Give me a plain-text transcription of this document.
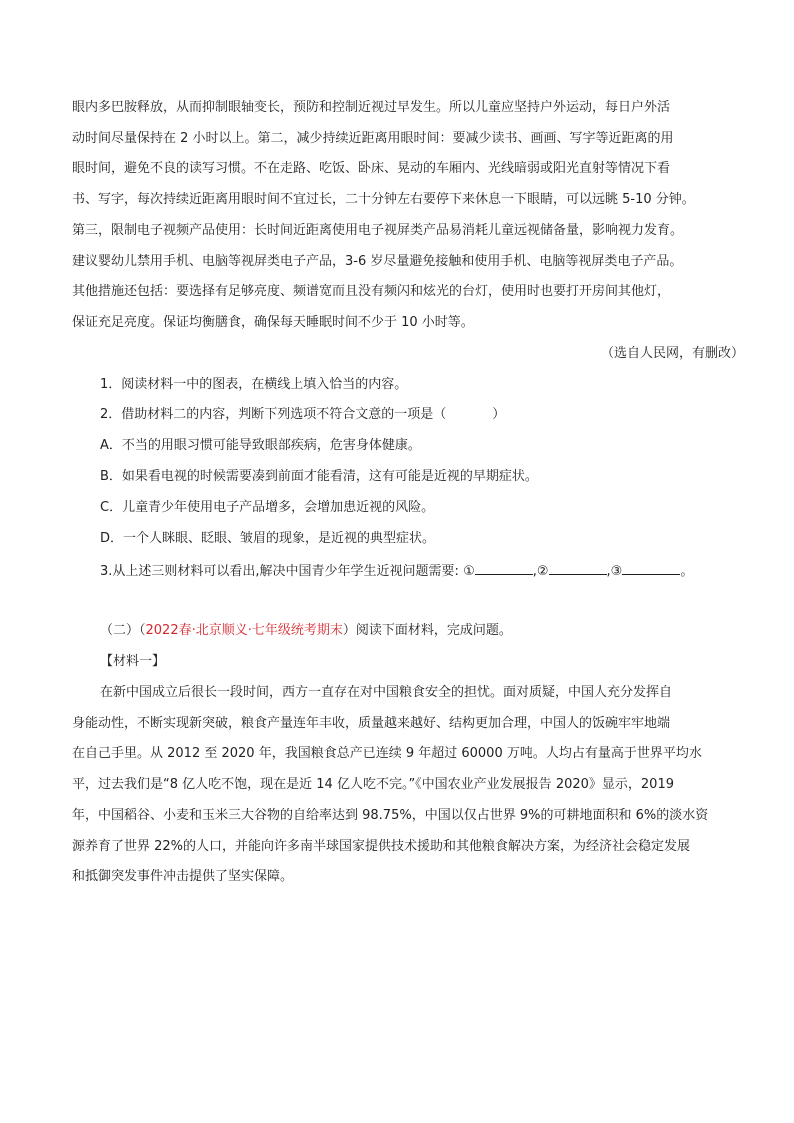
眼内多巴胺释放，从而抑制眼轴变长，预防和控制近视过早发生。所以儿童应坚持户外运动，每日户外活
动时间尽量保持在 2 小时以上。第二，减少持续近距离用眼时间：要减少读书、画画、写字等近距离的用
眼时间，避免不良的读写习惯。不在走路、吃饭、卧床、晃动的车厢内、光线暗弱或阳光直射等情况下看
书、写字，每次持续近距离用眼时间不宜过长，二十分钟左右要停下来休息一下眼睛，可以远眺 5-10 分钟。
第三，限制电子视频产品使用：长时间近距离使用电子视屏类产品易消耗儿童远视储备量，影响视力发育。
建议婴幼儿禁用手机、电脑等视屏类电子产品，3-6 岁尽量避免接触和使用手机、电脑等视屏类电子产品。
其他措施还包括：要选择有足够亮度、频谱宽而且没有频闪和炫光的台灯，使用时也要打开房间其他灯，
保证充足亮度。保证均衡膳食，确保每天睡眠时间不少于 10 小时等。
（选自人民网，有删改）
1．阅读材料一中的图表，在横线上填入恰当的内容。
2．借助材料二的内容，判断下列选项不符合文意的一项是（	）
A．不当的用眼习惯可能导致眼部疾病，危害身体健康。
B．如果看电视的时候需要凑到前面才能看清，这有可能是近视的早期症状。
C．儿童青少年使用电子产品增多，会增加患近视的风险。
D．一个人眯眼、眨眼、皱眉的现象，是近视的典型症状。
3.从上述三则材料可以看出,解决中国青少年学生近视问题需要: ①	,②	,③	。
（二）（2022春·北京顺义·七年级统考期末）阅读下面材料，完成问题。
【材料一】
在新中国成立后很长一段时间，西方一直存在对中国粮食安全的担忧。面对质疑，中国人充分发挥自
身能动性，不断实现新突破，粮食产量连年丰收，质量越来越好、结构更加合理，中国人的饭碗牢牢地端
在自己手里。从 2012 至 2020 年，我国粮食总产已连续 9 年超过 60000 万吨。人均占有量高于世界平均水
平，过去我们是“8 亿人吃不饱，现在是近 14 亿人吃不完。”《中国农业产业发展报告 2020》显示，2019
年，中国稻谷、小麦和玉米三大谷物的自给率达到 98.75%，中国以仅占世界 9%的可耕地面积和 6%的淡水资
源养育了世界 22%的人口，并能向许多南半球国家提供技术援助和其他粮食解决方案，为经济社会稳定发展
和抵御突发事件冲击提供了坚实保障。
